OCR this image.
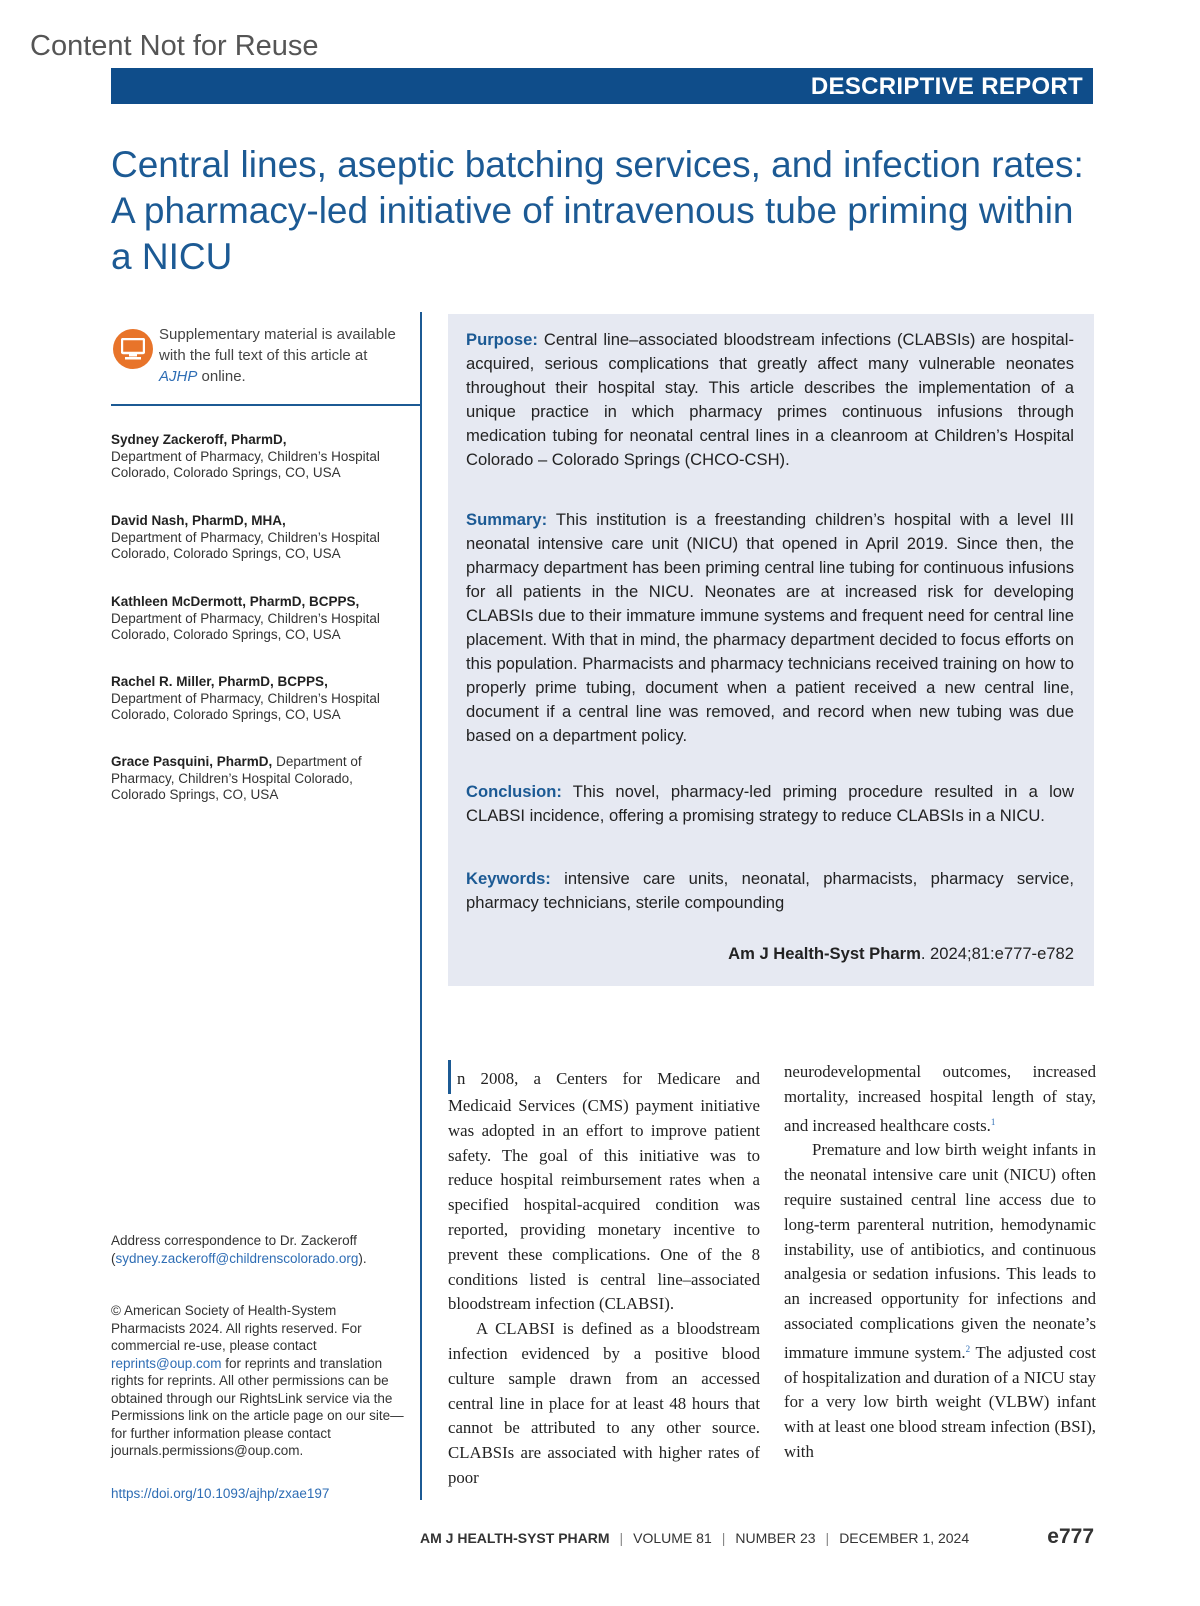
Content Not for Reuse
DESCRIPTIVE REPORT
Central lines, aseptic batching services, and infection rates: A pharmacy-led initiative of intravenous tube priming within a NICU
Supplementary material is available with the full text of this article at AJHP online.
Sydney Zackeroff, PharmD,
Department of Pharmacy, Children’s Hospital Colorado, Colorado Springs, CO, USA
David Nash, PharmD, MHA,
Department of Pharmacy, Children’s Hospital Colorado, Colorado Springs, CO, USA
Kathleen McDermott, PharmD, BCPPS, Department of Pharmacy, Children’s Hospital Colorado, Colorado Springs, CO, USA
Rachel R. Miller, PharmD, BCPPS,
Department of Pharmacy, Children’s Hospital Colorado, Colorado Springs, CO, USA
Grace Pasquini, PharmD, Department of Pharmacy, Children’s Hospital Colorado, Colorado Springs, CO, USA
Address correspondence to Dr. Zackeroff (sydney.zackeroff@childrenscolorado.org).
© American Society of Health-System Pharmacists 2024. All rights reserved. For commercial re-use, please contact reprints@oup.com for reprints and translation rights for reprints. All other permissions can be obtained through our RightsLink service via the Permissions link on the article page on our site—for further information please contact journals.permissions@oup.com.
https://doi.org/10.1093/ajhp/zxae197
Purpose: Central line–associated bloodstream infections (CLABSIs) are hospital-acquired, serious complications that greatly affect many vulnerable neonates throughout their hospital stay. This article describes the implementation of a unique practice in which pharmacy primes continuous infusions through medication tubing for neonatal central lines in a cleanroom at Children’s Hospital Colorado – Colorado Springs (CHCO-CSH).
Summary: This institution is a freestanding children’s hospital with a level III neonatal intensive care unit (NICU) that opened in April 2019. Since then, the pharmacy department has been priming central line tubing for continuous infusions for all patients in the NICU. Neonates are at increased risk for developing CLABSIs due to their immature immune systems and frequent need for central line placement. With that in mind, the pharmacy department decided to focus efforts on this population. Pharmacists and pharmacy technicians received training on how to properly prime tubing, document when a patient received a new central line, document if a central line was removed, and record when new tubing was due based on a department policy.
Conclusion: This novel, pharmacy-led priming procedure resulted in a low CLABSI incidence, offering a promising strategy to reduce CLABSIs in a NICU.
Keywords: intensive care units, neonatal, pharmacists, pharmacy service, pharmacy technicians, sterile compounding
Am J Health-Syst Pharm. 2024;81:e777-e782

n 2008, a Centers for Medicare and Medicaid Services (CMS) payment initiative was adopted in an effort to improve patient safety. The goal of this initiative was to reduce hospital reimbursement rates when a specified hospital-acquired condition was reported, providing monetary incentive to prevent these complications. One of the 8 conditions listed is central line–associated bloodstream infection (CLABSI).

A CLABSI is defined as a bloodstream infection evidenced by a positive blood culture sample drawn from an accessed central line in place for at least 48 hours that cannot be attributed to any other source. CLABSIs are associated with higher rates of poor

neurodevelopmental outcomes, increased mortality, increased hospital length of stay, and increased healthcare costs.$^1$

Premature and low birth weight infants in the neonatal intensive care unit (NICU) often require sustained central line access due to long-term parenteral nutrition, hemodynamic instability, use of antibiotics, and continuous analgesia or sedation infusions. This leads to an increased opportunity for infections and associated complications given the neonate’s immature immune system.$^2$ The adjusted cost of hospitalization and duration of a NICU stay for a very low birth weight (VLBW) infant with at least one blood stream infection (BSI), with

AM J HEALTH-SYST PHARM | VOLUME 81 | NUMBER 23 | DECEMBER 1, 2024	e777
